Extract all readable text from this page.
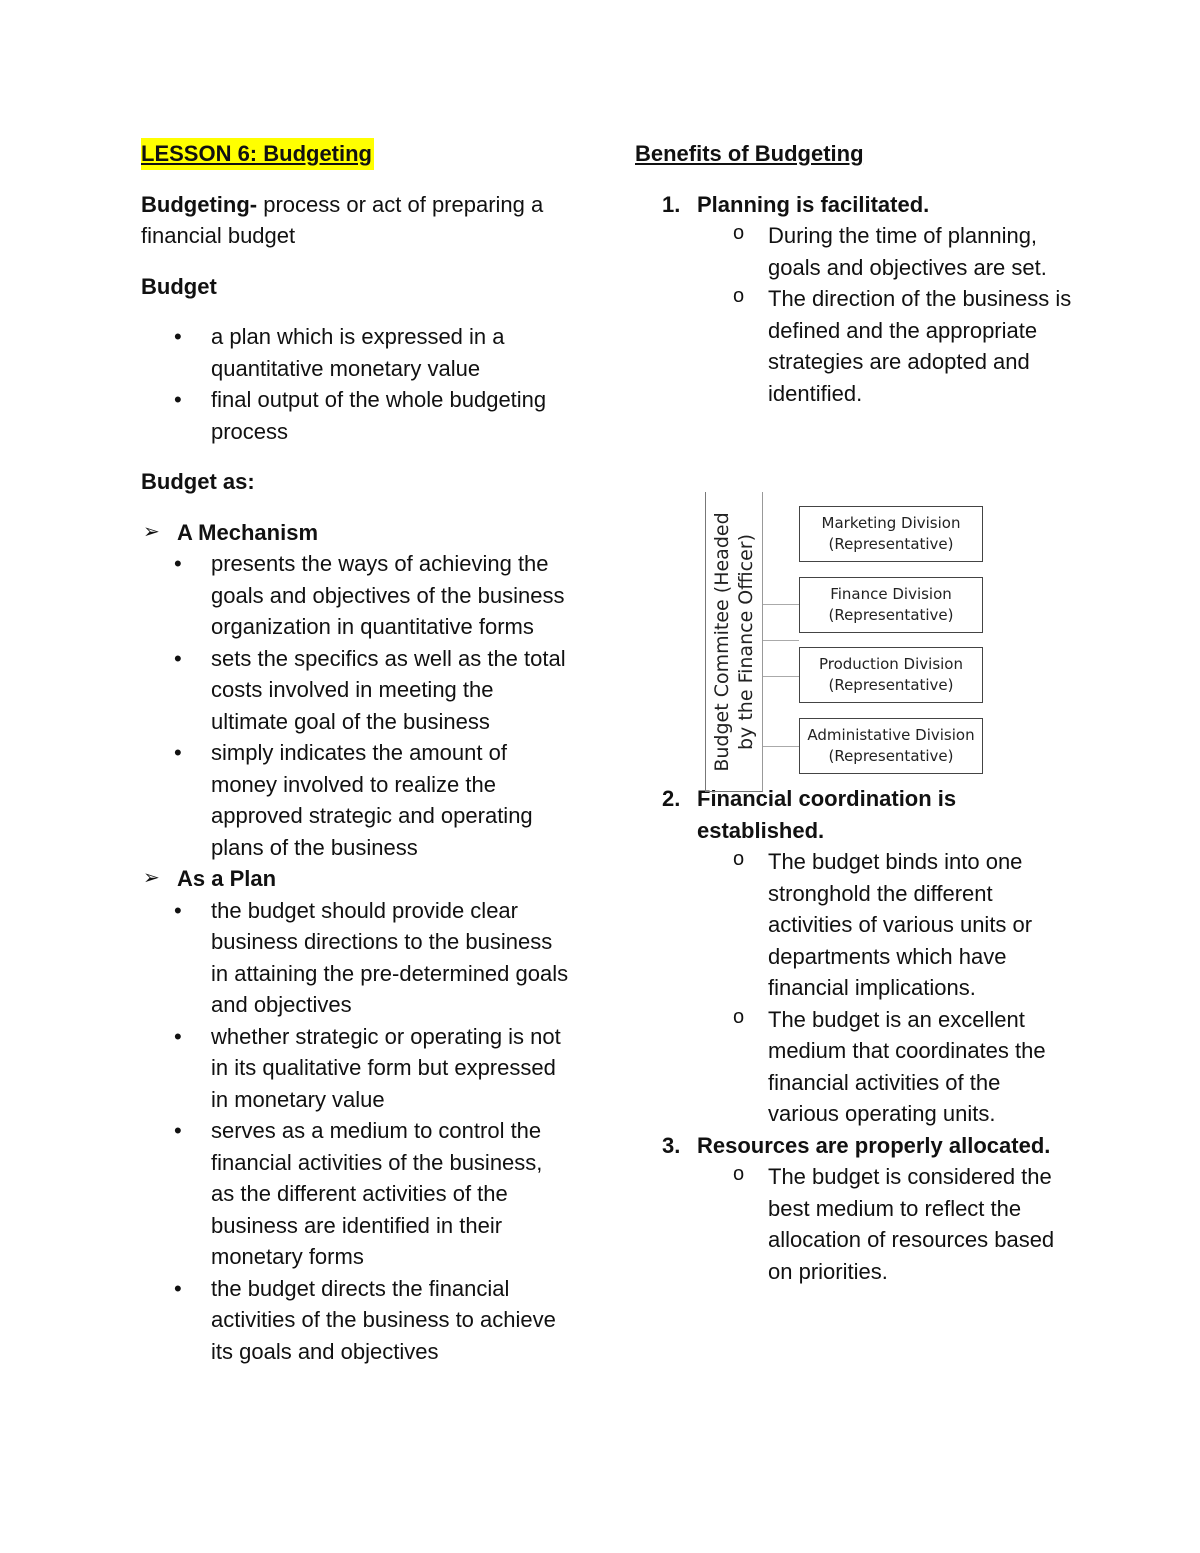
LESSON 6: Budgeting

Budgeting- process or act of preparing a financial budget

Budget

• a plan which is expressed in a quantitative monetary value
• final output of the whole budgeting process

Budget as:

➢ A Mechanism
• presents the ways of achieving the goals and objectives of the business organization in quantitative forms
• sets the specifics as well as the total costs involved in meeting the ultimate goal of the business
• simply indicates the amount of money involved to realize the approved strategic and operating plans of the business
➢ As a Plan
• the budget should provide clear business directions to the business in attaining the pre-determined goals and objectives
• whether strategic or operating is not in its qualitative form but expressed in monetary value
• serves as a medium to control the financial activities of the business, as the different activities of the business are identified in their monetary forms
• the budget directs the financial activities of the business to achieve its goals and objectives

Benefits of Budgeting

1. Planning is facilitated.
o During the time of planning, goals and objectives are set.
o The direction of the business is defined and the appropriate strategies are adopted and identified.
2. Financial coordination is established.
o The budget binds into one stronghold the different activities of various units or departments which have financial implications.
o The budget is an excellent medium that coordinates the financial activities of the various operating units.
3. Resources are properly allocated.
o The budget is considered the best medium to reflect the allocation of resources based on priorities.
Budget Commitee (Headed by the Finance Officer)
Marketing Division
(Representative)
Finance Division
(Representative)
Production Division
(Representative)
Administative Division
(Representative)
